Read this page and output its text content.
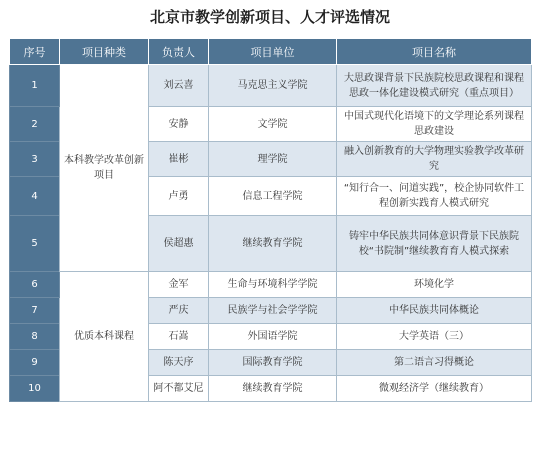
北京市教学创新项目、人才评选情况
序号	项目种类	负责人	项目单位	项目名称
1	本科教学改革创新项目	刘云喜	马克思主义学院	大思政课背景下民族院校思政课程和课程思政一体化建设模式研究（重点项目）
2		安静	文学院	中国式现代化语境下的文学理论系列课程思政建设
3		崔彬	理学院	融入创新教育的大学物理实验教学改革研究
4		卢勇	信息工程学院	“知行合一、问道实践”，校企协同软件工程创新实践育人模式研究
5		侯超惠	继续教育学院	铸牢中华民族共同体意识背景下民族院校“书院制”继续教育育人模式探索
6	优质本科课程	金军	生命与环境科学学院	环境化学
7		严庆	民族学与社会学学院	中华民族共同体概论
8		石嵩	外国语学院	大学英语（三）
9		陈天序	国际教育学院	第二语言习得概论
10		阿不都艾尼	继续教育学院	微观经济学（继续教育）
